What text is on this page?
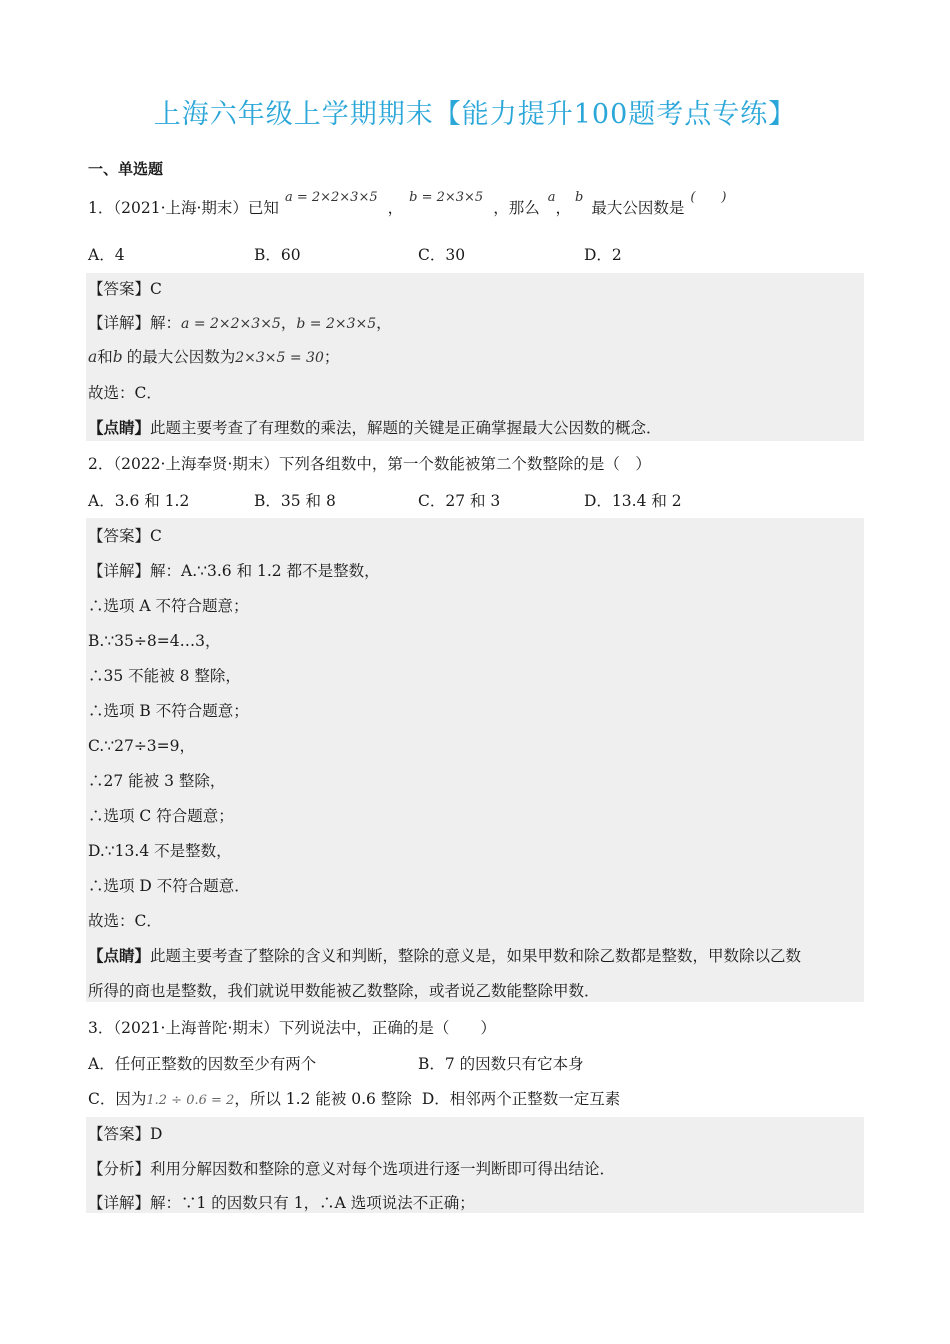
上海六年级上学期期末【能力提升100题考点专练】
一、单选题
1．（2021·上海·期末）已知$^{a = 2\times 2\times 3\times 5}$，$^{b = 2\times 3\times 5}$，那么$^a$，$^b$最大公因数是(　　)
A．4	B．60	C．30	D．2
【答案】C
【详解】解：a = 2×2×3×5，b = 2×3×5，
a和b 的最大公因数为2×3×5 = 30；
故选：C．
【点睛】此题主要考查了有理数的乘法，解题的关键是正确掌握最大公因数的概念．
2．（2022·上海奉贤·期末）下列各组数中，第一个数能被第二个数整除的是（　）
A．3.6 和 1.2	B．35 和 8	C．27 和 3	D．13.4 和 2
【答案】C
【详解】解：A.∵3.6 和 1.2 都不是整数，
∴选项 A 不符合题意；
B.∵35÷8=4…3，
∴35 不能被 8 整除，
∴选项 B 不符合题意；
C.∵27÷3=9，
∴27 能被 3 整除，
∴选项 C 符合题意；
D.∵13.4 不是整数，
∴选项 D 不符合题意．
故选：C．
【点睛】此题主要考查了整除的含义和判断，整除的意义是，如果甲数和除乙数都是整数，甲数除以乙数
所得的商也是整数，我们就说甲数能被乙数整除，或者说乙数能整除甲数．
3．（2021·上海普陀·期末）下列说法中，正确的是（　　）
A．任何正整数的因数至少有两个	B．7 的因数只有它本身
C．因为1.2 ÷ 0.6 = 2，所以 1.2 能被 0.6 整除 D．相邻两个正整数一定互素
【答案】D
【分析】利用分解因数和整除的意义对每个选项进行逐一判断即可得出结论．
【详解】解：∵1 的因数只有 1，∴A 选项说法不正确；
